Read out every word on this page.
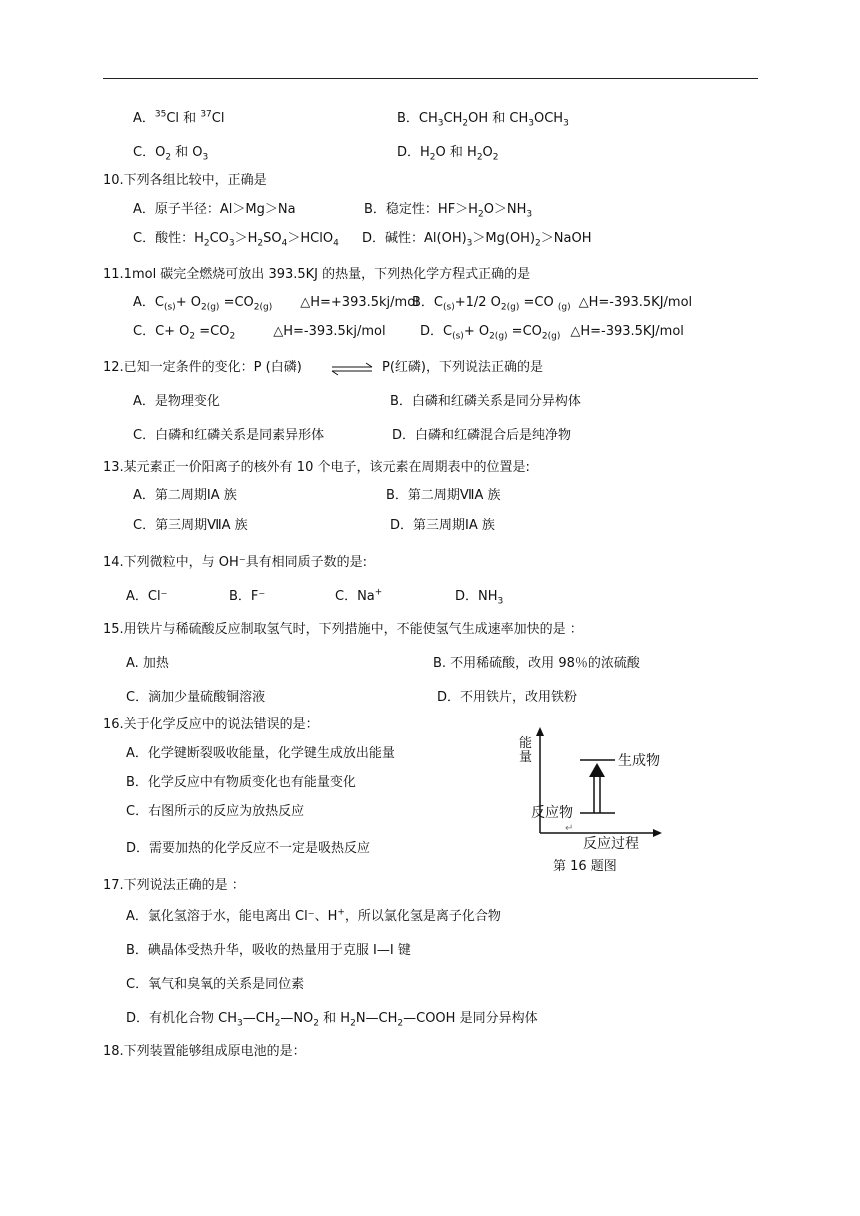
A．$^{35}$Cl 和 $^{37}$Cl	B．$CH_3CH_2OH$ 和 $CH_3OCH_3$
C．$O_2$ 和 $O_3$	D．$H_2O$ 和 $H_2O_2$
10.下列各组比较中，正确是
A．原子半径：Al＞Mg＞Na	B．稳定性：$HF>H_2O>NH_3$
C．酸性：$H_2CO_3>H_2SO_4>HClO_4$ D．碱性：$Al(OH)_3>Mg(OH)_2>NaOH$
11.1mol 碳完全燃烧可放出 393.5KJ 的热量，下列热化学方程式正确的是
A．$C_{(s)}+ O_{2(g)} =CO_{2(g)}$ △H=+393.5kj/mol
B．$C_{(s)}+1/2$ $O_{2(g)} =CO$ $_{(g)}$ △H=-393.5KJ/mol
C．$C+ O_2 =CO_2$	△H=-393.5kj/mol	D．$C_{(s)}+ O_{2(g)} =CO_{2(g)}$ △H=-393.5KJ/mol
12.已知一定条件的变化：P (白磷) ⇌ P(红磷)，下列说法正确的是
A．是物理变化	B．白磷和红磷关系是同分异构体
C．白磷和红磷关系是同素异形体	D．白磷和红磷混合后是纯净物
13.某元素正一价阳离子的核外有 10 个电子，该元素在周期表中的位置是:
A．第二周期ⅠA 族	B．第二周期ⅦA 族
C．第三周期ⅦA 族	D．第三周期ⅠA 族
14.下列微粒中，与 OH⁻具有相同质子数的是:
A．Cl⁻	B．F⁻	C．Na+	D．$NH_3$
15.用铁片与稀硫酸反应制取氢气时，下列措施中，不能使氢气生成速率加快的是 ：
A. 加热	B. 不用稀硫酸，改用 98％的浓硫酸
C．滴加少量硫酸铜溶液	D．不用铁片，改用铁粉
16.关于化学反应中的说法错误的是：
A．化学键断裂吸收能量，化学键生成放出能量
B．化学反应中有物质变化也有能量变化
C．右图所示的反应为放热反应
D．需要加热的化学反应不一定是吸热反应
能
量	生成物
反应物
↵
反应过程
第 16 题图
17.下列说法正确的是 ：
A．氯化氢溶于水，能电离出 Cl⁻、H+，所以氯化氢是离子化合物
B．碘晶体受热升华，吸收的热量用于克服 I—I 键
C．氧气和臭氧的关系是同位素
D．有机化合物 $CH_3—CH_2—NO_2$ 和 $H_2N—CH_2—COOH$ 是同分异构体
18.下列装置能够组成原电池的是：
